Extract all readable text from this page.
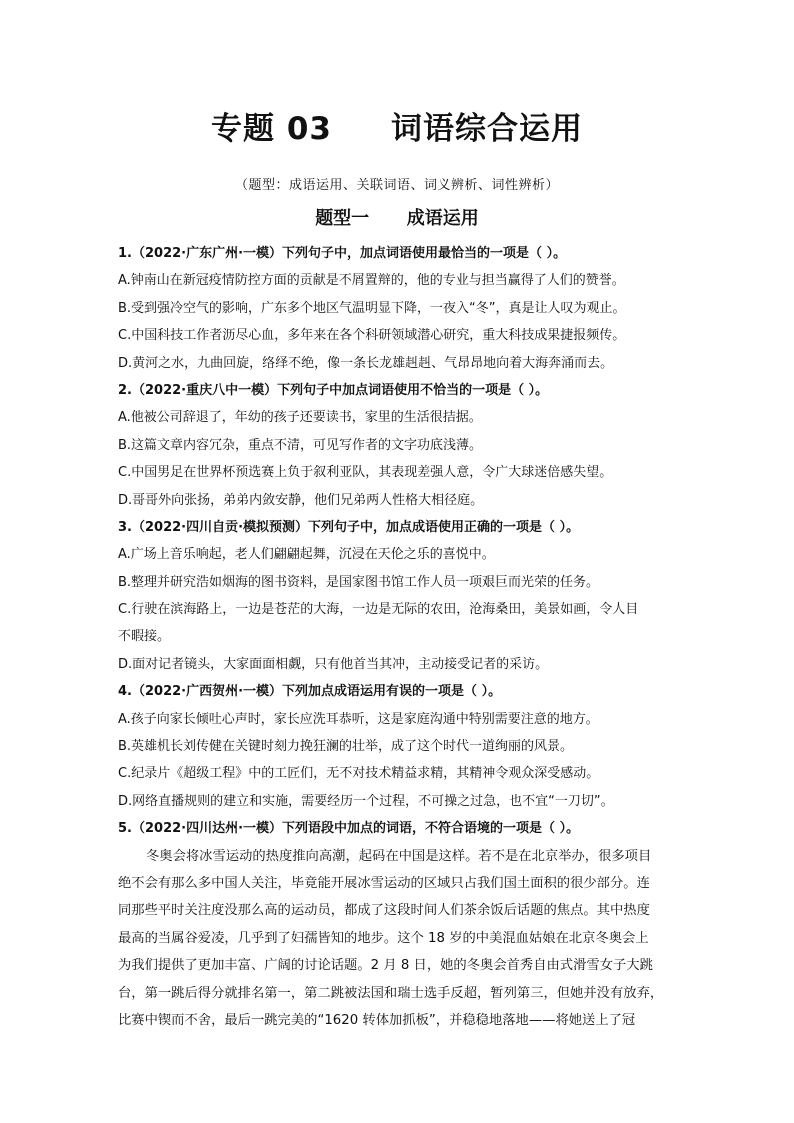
专题 03     词语综合运用
（题型：成语运用、关联词语、词义辨析、词性辨析）
题型一      成语运用
1.（2022·广东广州·一模）下列句子中，加点词语使用最恰当的一项是（ ）。
A.钟南山在新冠疫情防控方面的贡献是不屑置辩的，他的专业与担当赢得了人们的赞誉。
B.受到强冷空气的影响，广东多个地区气温明显下降，一夜入“冬”，真是让人叹为观止。
C.中国科技工作者沥尽心血，多年来在各个科研领域潜心研究，重大科技成果捷报频传。
D.黄河之水，九曲回旋，络绎不绝，像一条长龙雄赳赳、气昂昂地向着大海奔涌而去。
2.（2022·重庆八中一模）下列句子中加点词语使用不恰当的一项是（ ）。
A.他被公司辞退了，年幼的孩子还要读书，家里的生活很拮据。
B.这篇文章内容冗杂，重点不清，可见写作者的文字功底浅薄。
C.中国男足在世界杯预选赛上负于叙利亚队，其表现差强人意，令广大球迷倍感失望。
D.哥哥外向张扬，弟弟内敛安静，他们兄弟两人性格大相径庭。
3.（2022·四川自贡·模拟预测）下列句子中，加点成语使用正确的一项是（ ）。
A.广场上音乐响起，老人们翩翩起舞，沉浸在天伦之乐的喜悦中。
B.整理并研究浩如烟海的图书资料，是国家图书馆工作人员一项艰巨而光荣的任务。
C.行驶在滨海路上，一边是苍茫的大海，一边是无际的农田，沧海桑田，美景如画，令人目
不暇接。
D.面对记者镜头，大家面面相觑，只有他首当其冲，主动接受记者的采访。
4.（2022·广西贺州·一模）下列加点成语运用有误的一项是（ ）。
A.孩子向家长倾吐心声时，家长应洗耳恭听，这是家庭沟通中特别需要注意的地方。
B.英雄机长刘传健在关键时刻力挽狂澜的壮举，成了这个时代一道绚丽的风景。
C.纪录片《超级工程》中的工匠们，无不对技术精益求精，其精神令观众深受感动。
D.网络直播规则的建立和实施，需要经历一个过程，不可操之过急，也不宜“一刀切”。
5.（2022·四川达州·一模）下列语段中加点的词语，不符合语境的一项是（ ）。
冬奥会将冰雪运动的热度推向高潮，起码在中国是这样。若不是在北京举办，很多项目
绝不会有那么多中国人关注，毕竟能开展冰雪运动的区域只占我们国土面积的很少部分。连
同那些平时关注度没那么高的运动员，都成了这段时间人们茶余饭后话题的焦点。其中热度
最高的当属谷爱凌，几乎到了妇孺皆知的地步。这个 18 岁的中美混血姑娘在北京冬奥会上
为我们提供了更加丰富、广阔的讨论话题。2 月 8 日，她的冬奥会首秀自由式滑雪女子大跳
台，第一跳后得分就排名第一，第二跳被法国和瑞士选手反超，暂列第三，但她并没有放弃，
比赛中锲而不舍，最后一跳完美的“1620 转体加抓板”，并稳稳地落地——将她送上了冠
